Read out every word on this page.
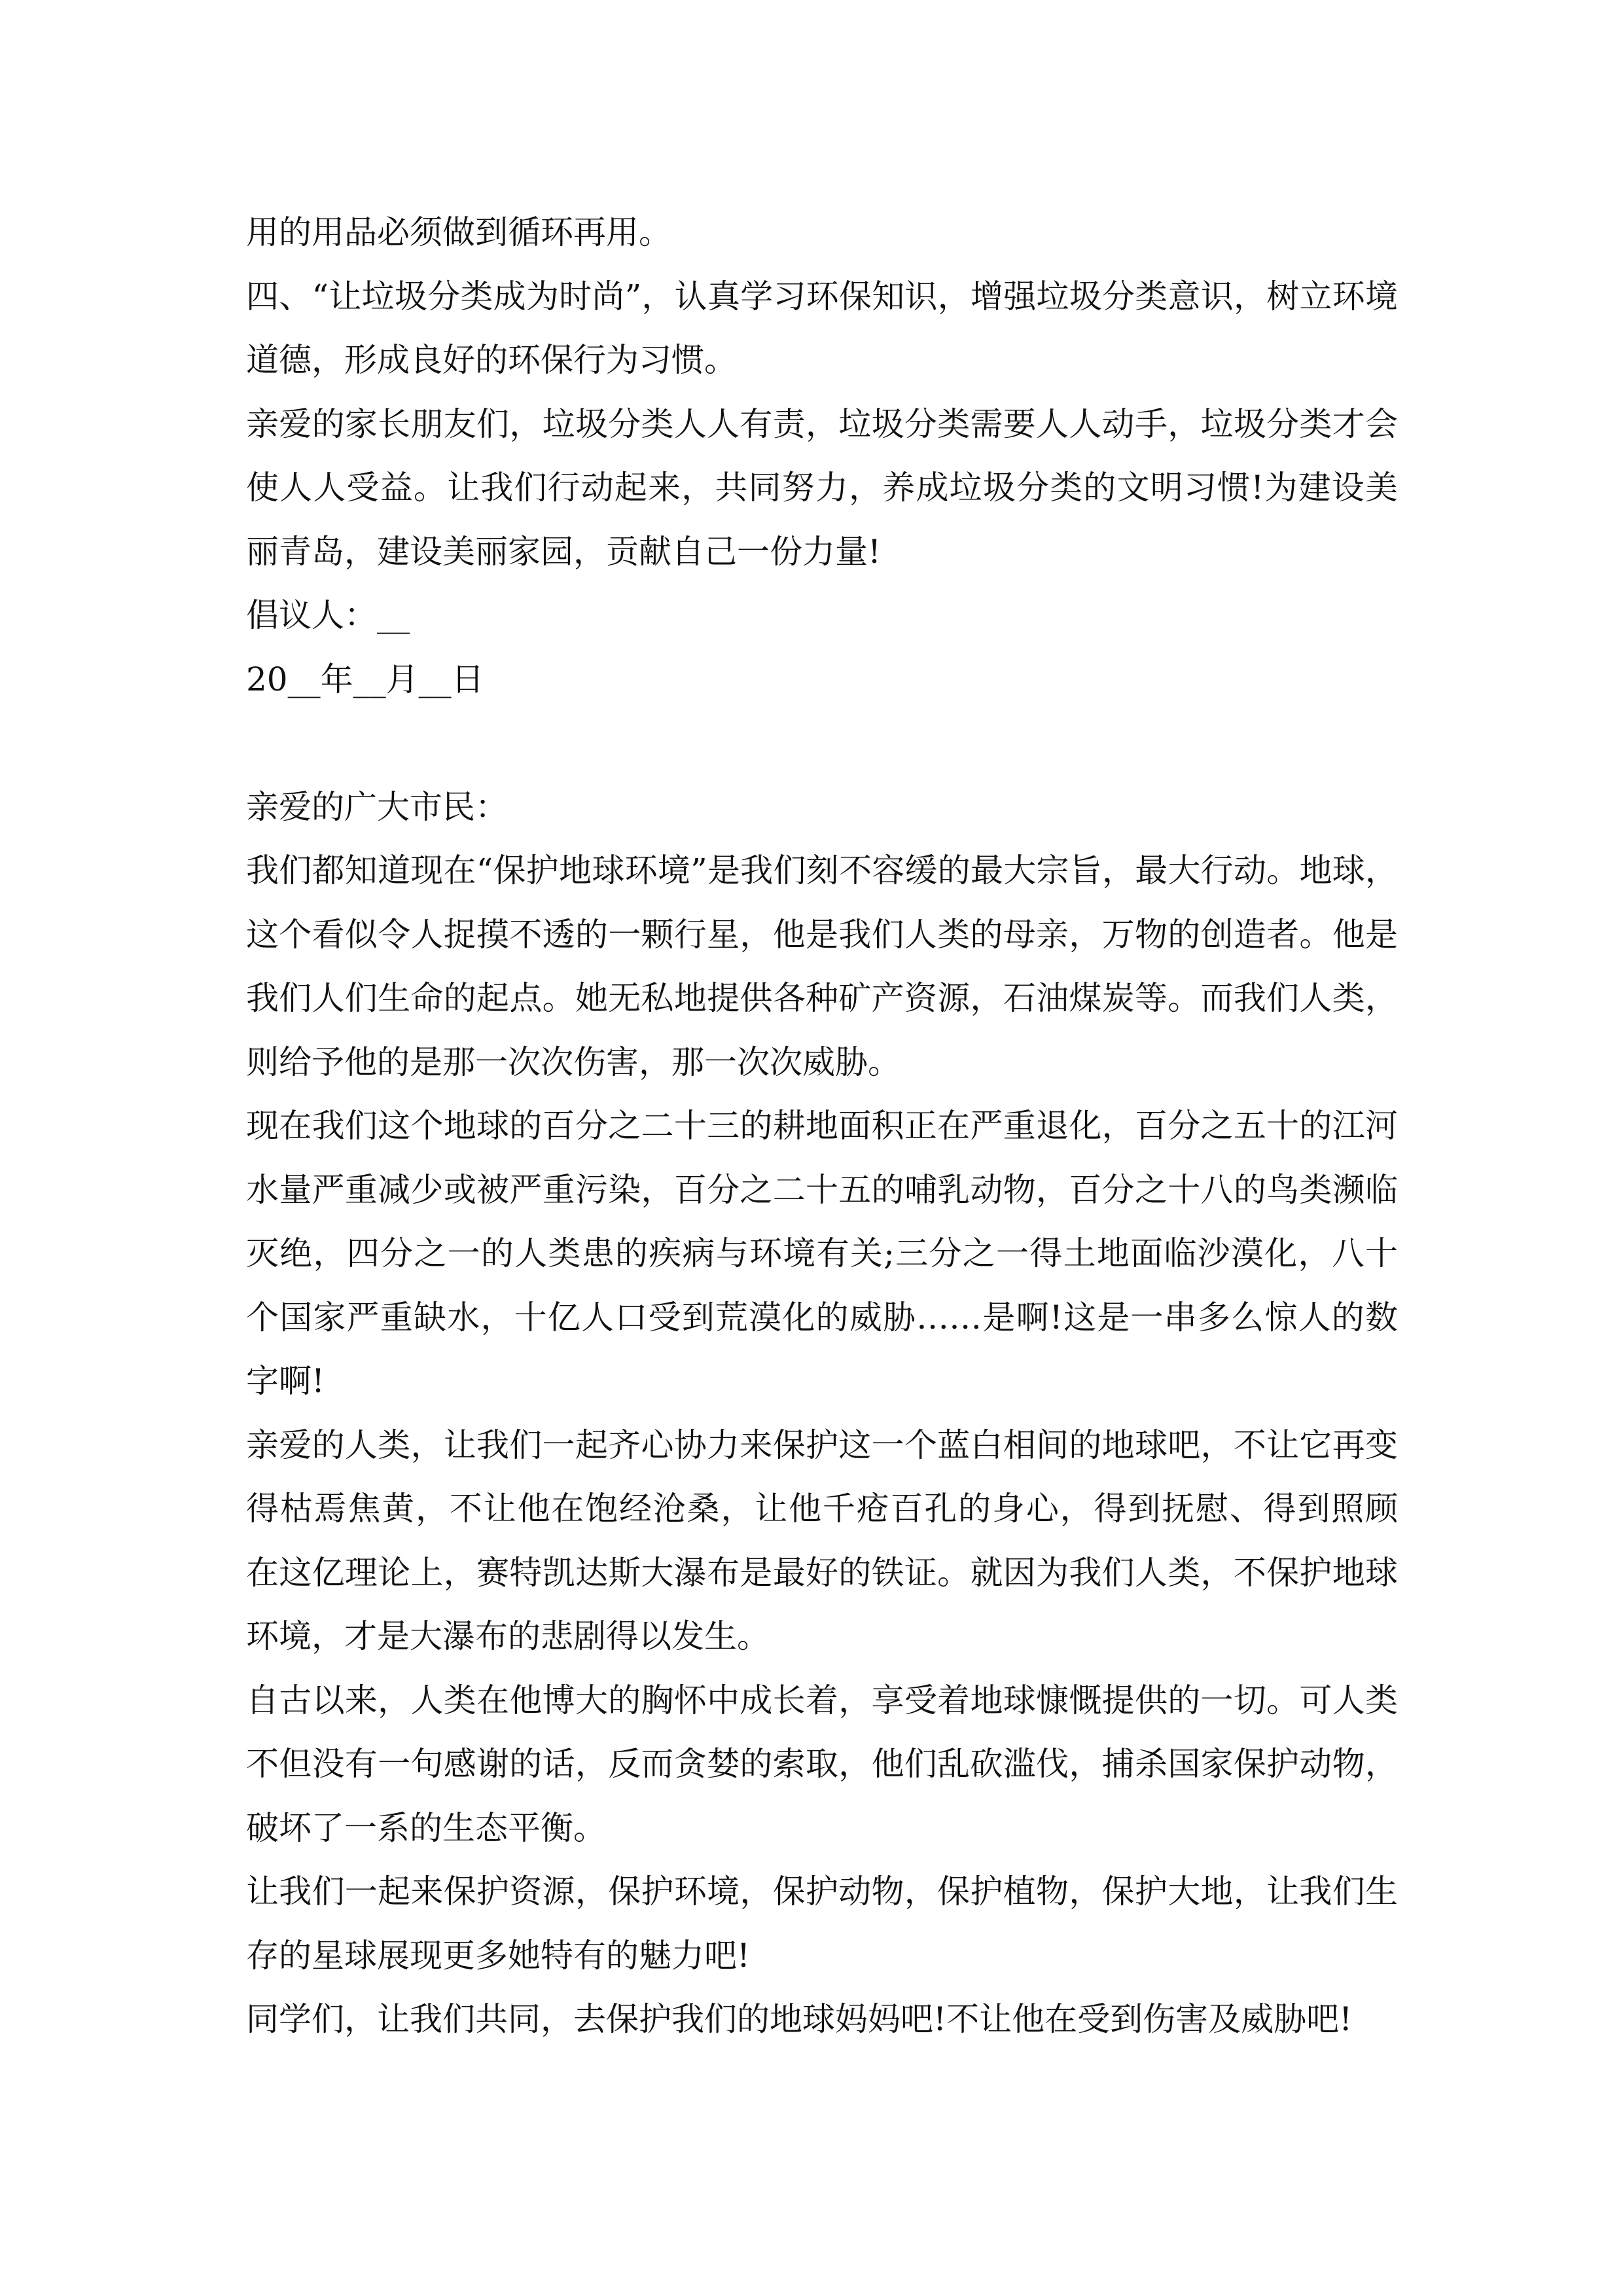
用的用品必须做到循环再用。
四、“让垃圾分类成为时尚”，认真学习环保知识，增强垃圾分类意识，树立环境
道德，形成良好的环保行为习惯。
亲爱的家长朋友们，垃圾分类人人有责，垃圾分类需要人人动手，垃圾分类才会
使人人受益。让我们行动起来，共同努力，养成垃圾分类的文明习惯!为建设美
丽青岛，建设美丽家园，贡献自己一份力量!
倡议人：__
20__年__月__日
亲爱的广大市民：
我们都知道现在“保护地球环境”是我们刻不容缓的最大宗旨，最大行动。地球，
这个看似令人捉摸不透的一颗行星，他是我们人类的母亲，万物的创造者。他是
我们人们生命的起点。她无私地提供各种矿产资源，石油煤炭等。而我们人类，
则给予他的是那一次次伤害，那一次次威胁。
现在我们这个地球的百分之二十三的耕地面积正在严重退化，百分之五十的江河
水量严重减少或被严重污染，百分之二十五的哺乳动物，百分之十八的鸟类濒临
灭绝，四分之一的人类患的疾病与环境有关;三分之一得土地面临沙漠化，八十
个国家严重缺水，十亿人口受到荒漠化的威胁……是啊!这是一串多么惊人的数
字啊!
亲爱的人类，让我们一起齐心协力来保护这一个蓝白相间的地球吧，不让它再变
得枯焉焦黄，不让他在饱经沧桑，让他千疮百孔的身心，得到抚慰、得到照顾
在这亿理论上，赛特凯达斯大瀑布是最好的铁证。就因为我们人类，不保护地球
环境，才是大瀑布的悲剧得以发生。
自古以来，人类在他博大的胸怀中成长着，享受着地球慷慨提供的一切。可人类
不但没有一句感谢的话，反而贪婪的索取，他们乱砍滥伐，捕杀国家保护动物，
破坏了一系的生态平衡。
让我们一起来保护资源，保护环境，保护动物，保护植物，保护大地，让我们生
存的星球展现更多她特有的魅力吧!
同学们，让我们共同，去保护我们的地球妈妈吧!不让他在受到伤害及威胁吧!
